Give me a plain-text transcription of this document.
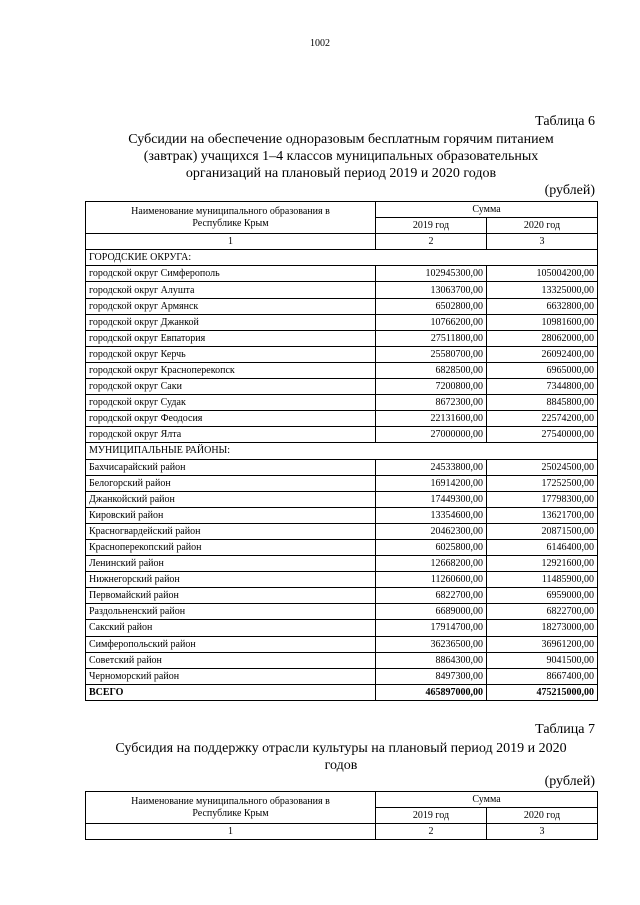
1002
Таблица 6
Субсидии на обеспечение одноразовым бесплатным горячим питанием
(завтрак) учащихся 1–4 классов муниципальных образовательных
организаций на плановый период 2019 и 2020 годов
(рублей)
Наименование муниципального образования в
Республике Крым	Сумма	
	2019 год	2020 год
1	2	3
ГОРОДСКИЕ ОКРУГА:		
городской округ Симферополь	102945300,00	105004200,00
городской округ Алушта	13063700,00	13325000,00
городской округ Армянск	6502800,00	6632800,00
городской округ Джанкой	10766200,00	10981600,00
городской округ Евпатория	27511800,00	28062000,00
городской округ Керчь	25580700,00	26092400,00
городской округ Красноперекопск	6828500,00	6965000,00
городской округ Саки	7200800,00	7344800,00
городской округ Судак	8672300,00	8845800,00
городской округ Феодосия	22131600,00	22574200,00
городской округ Ялта	27000000,00	27540000,00
МУНИЦИПАЛЬНЫЕ РАЙОНЫ:		
Бахчисарайский район	24533800,00	25024500,00
Белогорский район	16914200,00	17252500,00
Джанкойский район	17449300,00	17798300,00
Кировский район	13354600,00	13621700,00
Красногвардейский район	20462300,00	20871500,00
Красноперекопский район	6025800,00	6146400,00
Ленинский район	12668200,00	12921600,00
Нижнегорский район	11260600,00	11485900,00
Первомайский район	6822700,00	6959000,00
Раздольненский район	6689000,00	6822700,00
Сакский район	17914700,00	18273000,00
Симферопольский район	36236500,00	36961200,00
Советский район	8864300,00	9041500,00
Черноморский район	8497300,00	8667400,00
ВСЕГО	465897000,00	475215000,00
Таблица 7
Субсидия на поддержку отрасли культуры на плановый период 2019 и 2020
годов
(рублей)
Наименование муниципального образования в
Республике Крым	Сумма	
	2019 год	2020 год
1	2	3
